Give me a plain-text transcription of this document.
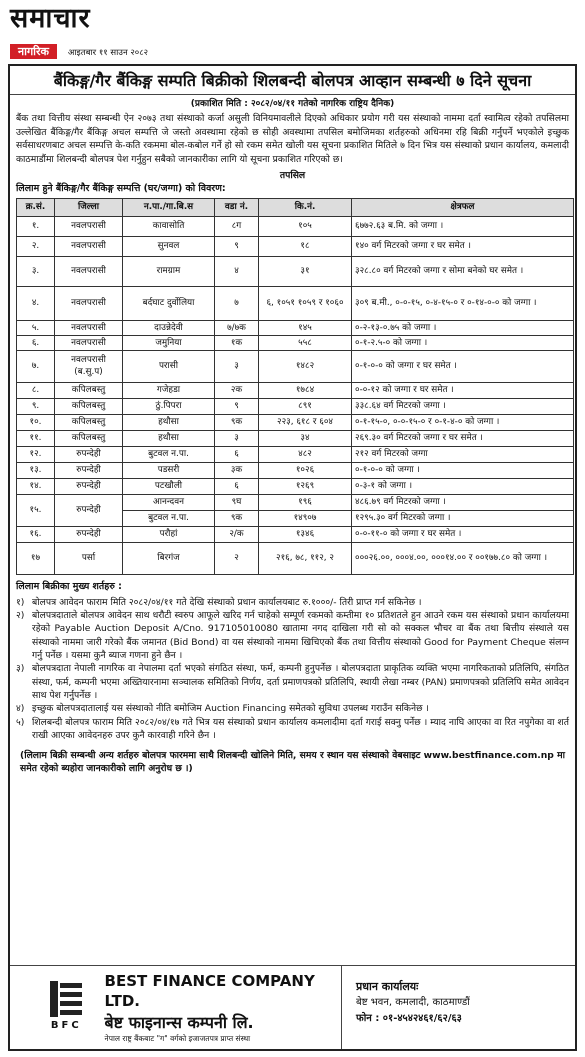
समाचार
नागरिक आइतबार ११ साउन २०८२
बैंकिङ्ग/गैर बैंकिङ्ग सम्पति बिक्रीको शिलबन्दी बोलपत्र आव्हान सम्बन्धी ७ दिने सूचना
(प्रकाशित मिति : २०८२/०४/११ गतेको नागरिक राष्ट्रिय दैनिक)

बैंक तथा वित्तीय संस्था सम्बन्धी ऐन २०७३ तथा संस्थाको कर्जा असुली विनियमावलीले दिएको अधिकार प्रयोग गरी यस संस्थाको नाममा दर्ता स्वामित्व रहेको तपसिलमा उल्लेखित बैंकिङ्ग/गैर बैंकिङ्ग अचल सम्पत्ति जे जस्तो अवस्थामा रहेको छ सोही अवस्थामा तपसिल बमोजिमका शर्तहरुको अधिनमा रहि बिक्री गर्नुपर्ने भएकोले इच्छुक सर्वसाधरणबाट अचल सम्पत्ति के-कति रकममा बोल-कबोल गर्ने हो सो रकम समेत खोली यस सूचना प्रकाशित मितिले ७ दिन भित्र यस संस्थाको प्रधान कार्यालय, कमलादी काठमाडौंमा शिलबन्दी बोलपत्र पेश गर्नुहुन सबैको जानकारीका लागि यो सूचना प्रकाशित गरिएको छ।

तपसिल
लिलाम हुने बैंकिङ्ग/गैर बैंकिङ्ग सम्पत्ति (घर/जग्गा) को विवरण:
क्र.सं.	जिल्ला	न.पा./गा.बि.स	वडा नं.	कि.नं.	क्षेत्रफल
१.	नवलपरासी	कावासोति	८ग	१०५	६७७२.६३ ब.मि. को जग्गा ।
२.	नवलपरासी	सुनवल	९	१८	१४० वर्ग मिटरको जग्गा र घर समेत ।
३.	नवलपरासी	रामग्राम	४	३१	३२८.८० वर्ग मिटरको जग्गा र सोमा बनेको घर समेत ।
४.	नवलपरासी	बर्दघाट दुर्वोलिया	७	६, १०५१ १०५९ र १०६०	३०९ ब.मी., ०-०-१५, ०-४-१५-० र ०-१४-०-० को जग्गा ।
५.	नवलपरासी	दाउन्नेदेवी	७/७क	१४५	०-२-१३-०.७५ को जग्गा ।
६.	नवलपरासी	जमुनिया	१क	५५८	०-१-२.५-० को जग्गा ।
७.	नवलपरासी (ब.सु.प)	परासी	३	१४८२	०-१-०-० को जग्गा र घर समेत ।
८.	कपिलबस्तु	गजेहडा	२क	१७८४	०-०-१२ को जग्गा र घर समेत ।
९.	कपिलबस्तु	ठुं.पिपरा	९	८९१	३३८.६४ वर्ग मिटरको जग्गा ।
१०.	कपिलबस्तु	हथौसा	९क	२२३, ६१८ र ६०४	०-१-१५-०, ०-०-१५-० र ०-१-४-० को जग्गा ।
११.	कपिलबस्तु	हथौसा	३	३४	२६९.३० वर्ग मिटरको जग्गा र घर समेत ।
१२.	रुपन्देही	बुटवल न.पा.	६	४८२	२१२ वर्ग मिटरको जग्गा
१३.	रुपन्देही	पडसरी	३क	१०२६	०-१-०-० को जग्गा ।
१४.	रुपन्देही	पटखौली	६	१२६९	०-३-१ को जग्गा ।
१५.	रुपन्देही	आनन्दवन	९घ	१९६	४८६.७९ वर्ग मिटरको जग्गा ।
		बुटवल न.पा.	९क	१४९०७	१२९५.३० वर्ग मिटरको जग्गा ।
१६.	रुपन्देही	परौहां	२/क	१३४६	०-०-११-० को जग्गा र घर समेत ।
१७	पर्सा	बिरगंज	२	२१६, ७८, ११२, २	०००२६.००, ०००४.००, ०००१४.०० र ००१७७.८० को जग्गा ।
लिलाम बिक्रीका मुख्य शर्तहरु :
१) बोलपत्र आवेदन फाराम मिति २०८२/०४/११ गते देखि संस्थाको प्रधान कार्यालयबाट रु.१०००/- तिरी प्राप्त गर्न सकिनेछ ।
२) बोलपत्रदाताले बोलपत्र आवेदन साथ धरौटी स्वरुप आफूले खरिद गर्न चाहेको सम्पूर्ण रकमको कम्तीमा १० प्रतिशतले हुन आउने रकम यस संस्थाको प्रधान कार्यालयमा रहेको Payable Auction Deposit A/Cno. 917105010080 खातामा नगद दाखिला गरी सो को सक्कल भौचर वा बैंक तथा बित्तीय संस्थाले यस संस्थाको नाममा जारी गरेको बैंक जमानत (Bid Bond) वा यस संस्थाको नाममा खिचिएको बैंक तथा वित्तीय संस्थाको Good for Payment Cheque संलग्न गर्नु पर्नेछ । यसमा कुनै ब्याज गणना हुने छैन ।
३) बोलपत्रदाता नेपाली नागरिक वा नेपालमा दर्ता भएको संगठित संस्था, फर्म, कम्पनी हुनुपर्नेछ । बोलपत्रदाता प्राकृतिक व्यक्ति भएमा नागरिकताको प्रतिलिपि, संगठित संस्था, फर्म, कम्पनी भएमा अख्तियारनामा सञ्चालक समितिको निर्णय, दर्ता प्रमाणपत्रको प्रतिलिपि, स्थायी लेखा नम्बर (PAN) प्रमाणपत्रको प्रतिलिपि समेत आवेदन साथ पेश गर्नुपर्नेछ ।
४) इच्छुक बोलपत्रदातालाई यस संस्थाको नीति बमोजिम Auction Financing समेतको सुविधा उपलब्ध गराउँन सकिनेछ ।
५) शिलबन्दी बोलपत्र फाराम मिति २०८२/०४/१७ गते भित्र यस संस्थाको प्रधान कार्यालय कमलादीमा दर्ता गराई सक्नु पर्नेछ । म्याद नाघि आएका वा रित नपुगेका वा शर्त राखी आएका आवेदनहरु उपर कुनै कारवाही गरिने छैन ।

(लिलाम बिक्री सम्बन्धी अन्य शर्तहरु बोलपत्र फारममा साथै शिलबन्दी खोलिने मिति, समय र स्थान यस संस्थाको वेबसाइट www.bestfinance.com.np मा समेत रहेको ब्यहोरा जानकारीको लागि अनुरोध छ ।)

BFC
BEST FINANCE COMPANY LTD.
बेष्ट फाइनान्स कम्पनी लि.
नेपाल राष्ट्र बैंकबाट "ग" वर्गको इजाजतपत्र प्राप्त संस्था
प्रधान कार्यालयः
बेष्ट भवन, कमलादी, काठमाण्डौं
फोन : ०१-४५४२४६१/६२/६३
